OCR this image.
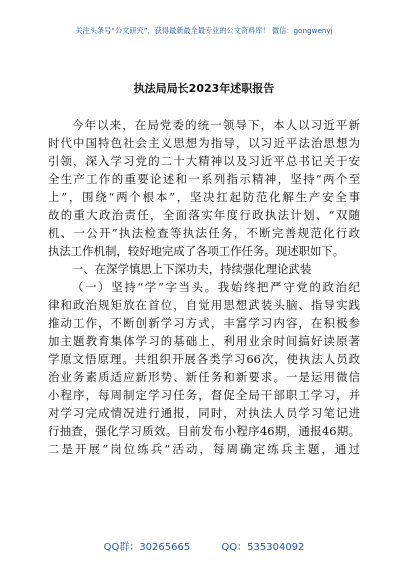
关注头条号“公文研究”，获得最新最全最专业的公文资料库！ 微信：gongwenyj
执法局局长2023年述职报告
今年以来，在局党委的统一领导下，本人以习近平新
时代中国特色社会主义思想为指导，以习近平法治思想为
引领，深入学习党的二十大精神以及习近平总书记关于安
全生产工作的重要论述和一系列指示精神，坚持“两个至
上”，围绕“两个根本”，坚决扛起防范化解生产安全事
故的重大政治责任，全面落实年度行政执法计划、“双随
机、一公开”执法检查等执法任务，不断完善规范化行政
执法工作机制，较好地完成了各项工作任务。现述职如下。
一、在深学慎思上下深功夫，持续强化理论武装
（一）坚持“学”字当头。我始终把严守党的政治纪
律和政治规矩放在首位，自觉用思想武装头脑、指导实践
推动工作，不断创新学习方式，丰富学习内容，在积极参
加主题教育集体学习的基础上，利用业余时间搞好读原著
学原文悟原理。共组织开展各类学习66次，使执法人员政
治业务素质适应新形势、新任务和新要求。一是运用微信
小程序，每周制定学习任务，督促全局干部职工学习，并
对学习完成情况进行通报，同时，对执法人员学习笔记进
行抽查，强化学习质效。目前发布小程序46期，通报46期。
二是开展“岗位练兵”活动，每周确定练兵主题，通过
QQ群：30265665	QQ：535304092
